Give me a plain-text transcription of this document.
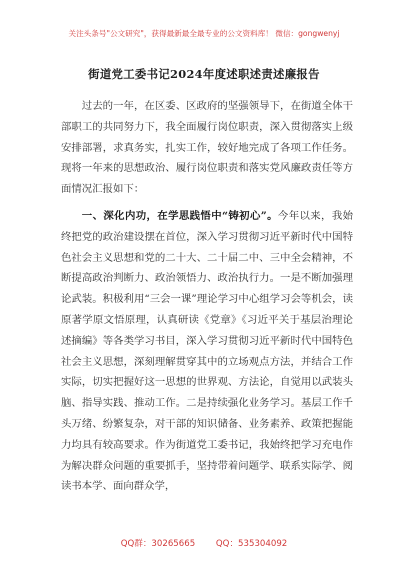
关注头条号"公文研究"，获得最新最全最专业的公文资料库！ 微信：gongwenyj
街道党工委书记2024年度述职述责述廉报告

过去的一年，在区委、区政府的坚强领导下，在街道全体干部职工的共同努力下，我全面履行岗位职责，深入贯彻落实上级安排部署，求真务实，扎实工作，较好地完成了各项工作任务。现将一年来的思想政治、履行岗位职责和落实党风廉政责任等方面情况汇报如下：

一、深化内功，在学思践悟中“铸初心”。今年以来，我始终把党的政治建设摆在首位，深入学习贯彻习近平新时代中国特色社会主义思想和党的二十大、二十届二中、三中全会精神，不断提高政治判断力、政治领悟力、政治执行力。一是不断加强理论武装。积极利用“三会一课”理论学习中心组学习会等机会，读原著学原文悟原理，认真研读《党章》《习近平关于基层治理论述摘编》等各类学习书目，深入学习贯彻习近平新时代中国特色社会主义思想，深刻理解贯穿其中的立场观点方法，并结合工作实际，切实把握好这一思想的世界观、方法论，自觉用以武装头脑、指导实践、推动工作。二是持续强化业务学习。基层工作千头万绪、纷繁复杂，对干部的知识储备、业务素养、政策把握能力均具有较高要求。作为街道党工委书记，我始终把学习充电作为解决群众问题的重要抓手，坚持带着问题学、联系实际学、阅读书本学、面向群众学，

QQ群：30265665 QQ：535304092
